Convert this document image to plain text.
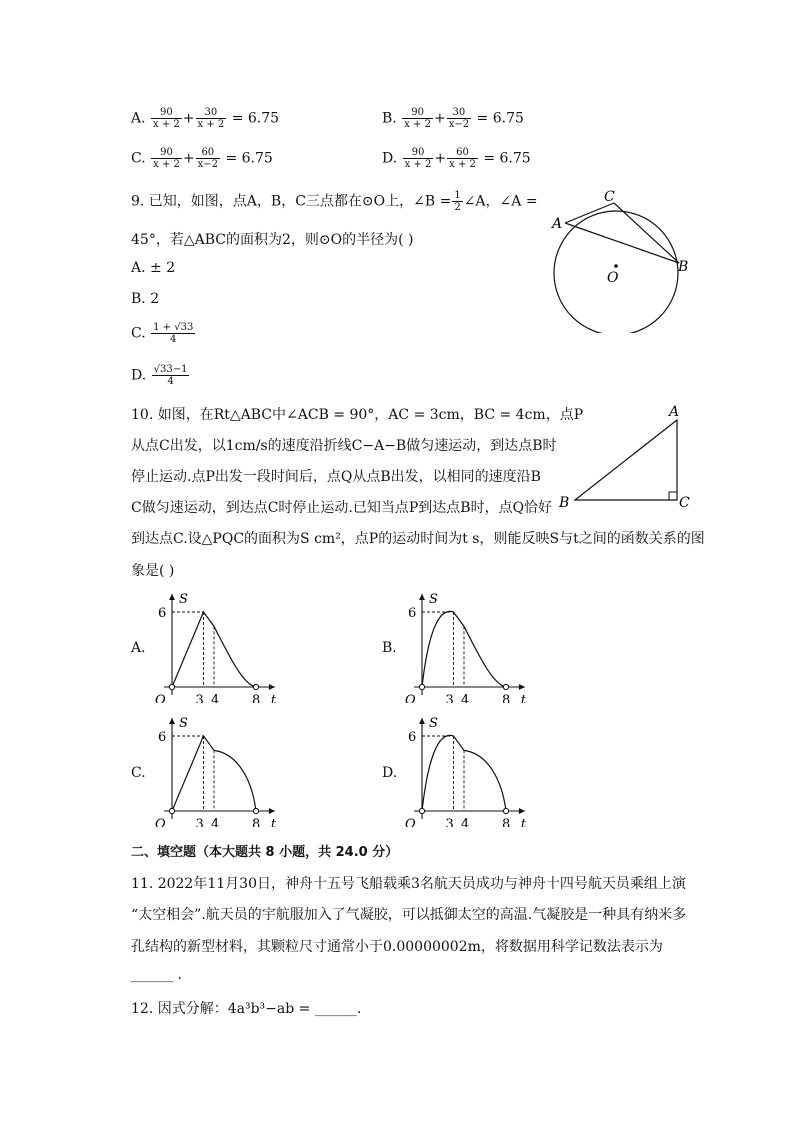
A. $\frac{90}{x + 2} + \frac{30}{x + 2} = 6.75$	B. $\frac{90}{x + 2} + \frac{30}{x-2} = 6.75$
C. $\frac{90}{x + 2} + \frac{60}{x-2} = 6.75$	D. $\frac{90}{x + 2} + \frac{60}{x + 2} = 6.75$
9. 已知，如图，点A，B，C三点都在⊙O上，∠B = $\frac{1}{2}$ ∠A，∠A =
45°，若△ABC的面积为2，则⊙O的半径为( )
A. ± 2
B. 2
C. $\frac{1 + √33}{4}$
D. $\frac{√33-1}{4}$
A
C
B
O
10. 如图，在Rt△ABC中∠ACB = 90°，AC = 3cm，BC = 4cm，点P
从点C出发，以1cm/s的速度沿折线C−A−B做匀速运动，到达点B时
停止运动.点P出发一段时间后，点Q从点B出发，以相同的速度沿B
C做匀速运动，到达点C时停止运动.已知当点P到达点B时，点Q恰好
到达点C.设△PQC的面积为S cm²，点P的运动时间为t s，则能反映S与t之间的函数关系的图
象是( )
A
B	C
A.	B.
C.	D.
S
6
O 3 4	8 t
S
6
O 3 4	8 t
S
6
O 3 4	8 t
S
6
O 3 4	8 t
二、填空题（本大题共 8 小题，共 24.0 分）
11. 2022年11月30日，神舟十五号飞船载乘3名航天员成功与神舟十四号航天员乘组上演
“太空相会”.航天员的宇航服加入了气凝胶，可以抵御太空的高温.气凝胶是一种具有纳米多
孔结构的新型材料，其颗粒尺寸通常小于0.00000002m，将数据用科学记数法表示为
______ .
12. 因式分解：4a³b³−ab = ______.
